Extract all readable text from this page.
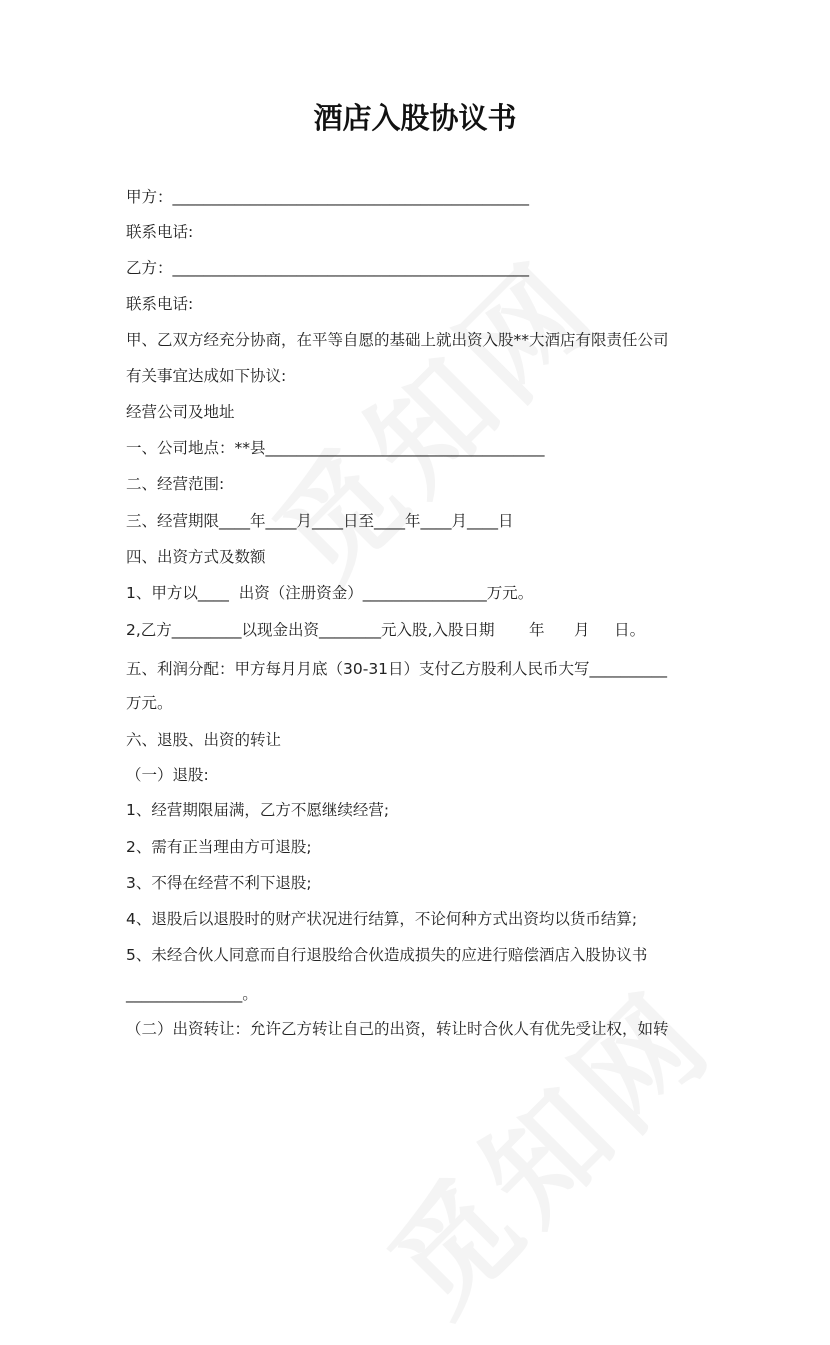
酒店入股协议书
甲方：______________________________________________
联系电话:
乙方：______________________________________________
联系电话:
甲、乙双方经充分协商，在平等自愿的基础上就出资入股**大酒店有限责任公司
有关事宜达成如下协议:
经营公司及地址
一、公司地点：**县____________________________________
二、经营范围:
三、经营期限____年____月____日至____年____月____日
四、出资方式及数额
1、甲方以____  出资（注册资金）________________万元。
2,乙方_________以现金出资________元入股,入股日期       年      月     日。
五、利润分配：甲方每月月底（30-31日）支付乙方股利人民币大写__________
万元。
六、退股、出资的转让
（一）退股:
1、经营期限届满，乙方不愿继续经营;
2、需有正当理由方可退股;
3、不得在经营不利下退股;
4、退股后以退股时的财产状况进行结算，不论何种方式出资均以货币结算;
5、未经合伙人同意而自行退股给合伙造成损失的应进行赔偿酒店入股协议书
_______________。
（二）出资转让：允许乙方转让自己的出资，转让时合伙人有优先受让权，如转
